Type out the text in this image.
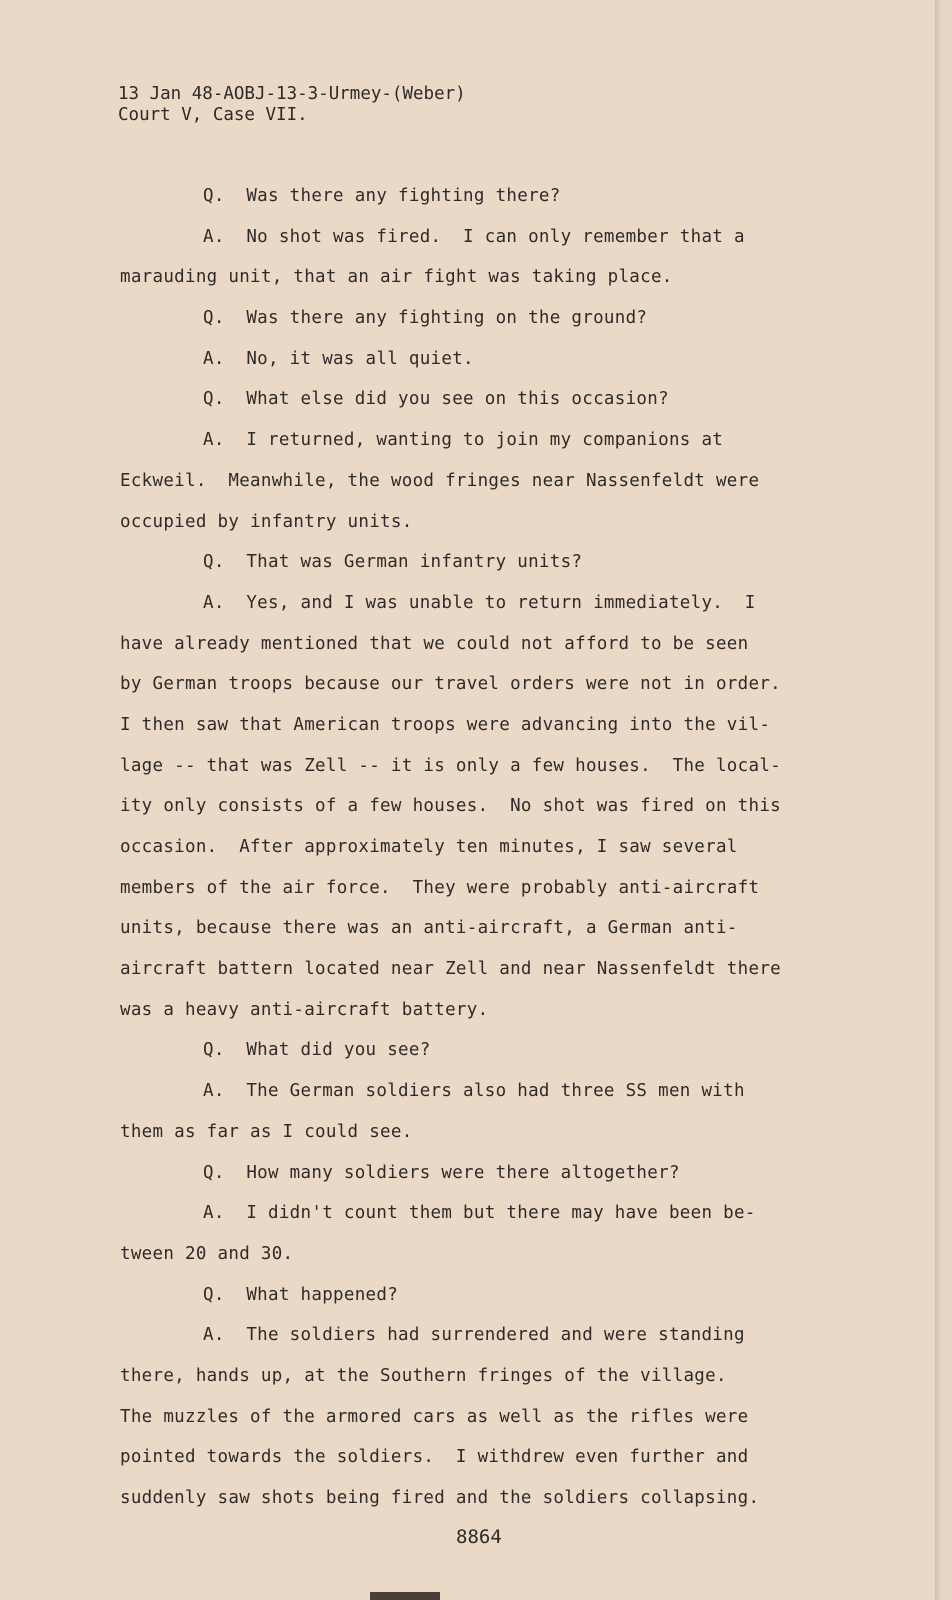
13 Jan 48-AOBJ-13-3-Urmey-(Weber)
Court V, Case VII.
Q.  Was there any fighting there?
A.  No shot was fired.  I can only remember that a
marauding unit, that an air fight was taking place.
Q.  Was there any fighting on the ground?
A.  No, it was all quiet.
Q.  What else did you see on this occasion?
A.  I returned, wanting to join my companions at
Eckweil.  Meanwhile, the wood fringes near Nassenfeldt were
occupied by infantry units.
Q.  That was German infantry units?
A.  Yes, and I was unable to return immediately.  I
have already mentioned that we could not afford to be seen
by German troops because our travel orders were not in order.
I then saw that American troops were advancing into the vil-
lage -- that was Zell -- it is only a few houses.  The local-
ity only consists of a few houses.  No shot was fired on this
occasion.  After approximately ten minutes, I saw several
members of the air force.  They were probably anti-aircraft
units, because there was an anti-aircraft, a German anti-
aircraft battern located near Zell and near Nassenfeldt there
was a heavy anti-aircraft battery.
Q.  What did you see?
A.  The German soldiers also had three SS men with
them as far as I could see.
Q.  How many soldiers were there altogether?
A.  I didn't count them but there may have been be-
tween 20 and 30.
Q.  What happened?
A.  The soldiers had surrendered and were standing
there, hands up, at the Southern fringes of the village.
The muzzles of the armored cars as well as the rifles were
pointed towards the soldiers.  I withdrew even further and
suddenly saw shots being fired and the soldiers collapsing.
8864
